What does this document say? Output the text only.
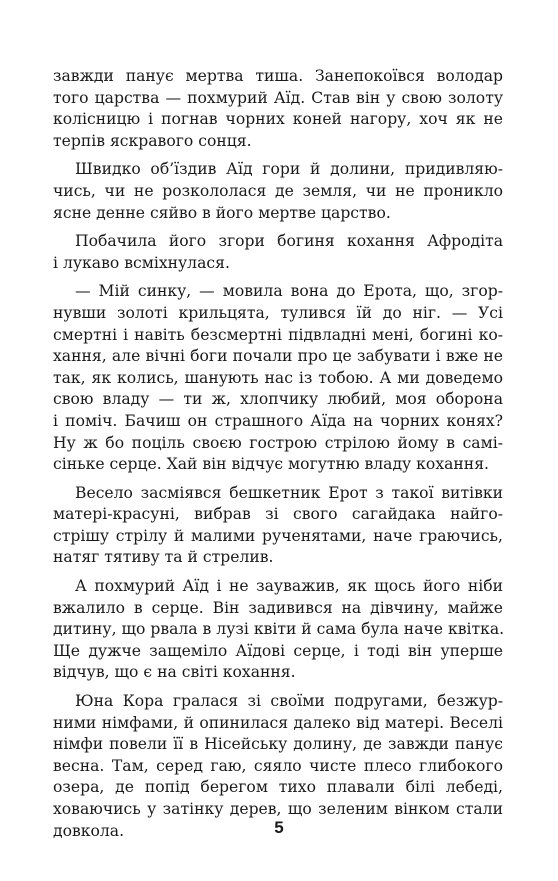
завжди панує мертва тиша. Занепокоївся володар
того царства — похмурий Аїд. Став він у свою золоту
колісницю і погнав чорних коней нагору, хоч як не
терпів яскравого сонця.
Швидко об’їздив Аїд гори й долини, придивляю-
чись, чи не розкололася де земля, чи не проникло
ясне денне сяйво в його мертве царство.
Побачила його згори богиня кохання Афродіта
і лукаво всміхнулася.
— Мій синку, — мовила вона до Ерота, що, згор-
нувши золоті крильцята, тулився їй до ніг. — Усі
смертні і навіть безсмертні підвладні мені, богині ко-
хання, але вічні боги почали про це забувати і вже не
так, як колись, шанують нас із тобою. А ми доведемо
свою владу — ти ж, хлопчику любий, моя оборона
і поміч. Бачиш он страшного Аїда на чорних конях?
Ну ж бо поціль своєю гострою стрілою йому в самі-
сіньке серце. Хай він відчує могутню владу кохання.
Весело засміявся бешкетник Ерот з такої витівки
матері-красуні, вибрав зі свого сагайдака найго-
стрішу стрілу й малими рученятами, наче граючись,
натяг тятиву та й стрелив.
А похмурий Аїд і не зауважив, як щось його ніби
вжалило в серце. Він задивився на дівчину, майже
дитину, що рвала в лузі квіти й сама була наче квітка.
Ще дужче защеміло Аїдові серце, і тоді він уперше
відчув, що є на світі кохання.
Юна Кора гралася зі своїми подругами, безжур-
ними німфами, й опинилася далеко від матері. Веселі
німфи повели її в Нісейську долину, де завжди панує
весна. Там, серед гаю, сяяло чисте плесо глибокого
озера, де попід берегом тихо плавали білі лебеді,
ховаючись у затінку дерев, що зеленим вінком стали
довкола.	5
